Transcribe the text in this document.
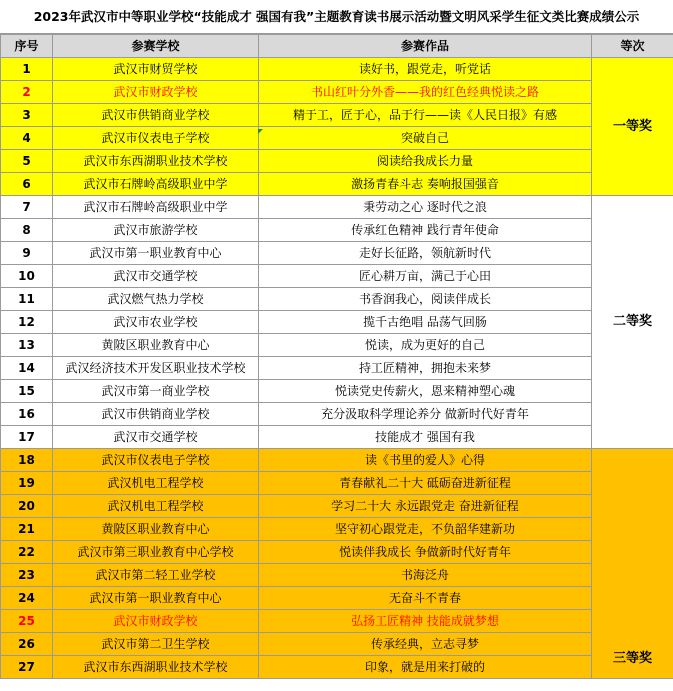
2023年武汉市中等职业学校“技能成才 强国有我”主题教育读书展示活动暨文明风采学生征文类比赛成绩公示
序号	参赛学校	参赛作品	等次
1	武汉市财贸学校	读好书，跟党走，听党话	一等奖
2	武汉市财政学校	书山红叶分外香——我的红色经典悦读之路	
3	武汉市供销商业学校	精于工，匠于心，品于行——读《人民日报》有感	
4	武汉市仪表电子学校	突破自己	
5	武汉市东西湖职业技术学校	阅读给我成长力量	
6	武汉市石牌岭高级职业中学	激扬青春斗志 奏响报国强音	
7	武汉市石牌岭高级职业中学	秉劳动之心 逐时代之浪	二等奖
8	武汉市旅游学校	传承红色精神 践行青年使命	
9	武汉市第一职业教育中心	走好长征路，领航新时代	
10	武汉市交通学校	匠心耕万亩，满己于心田	
11	武汉燃气热力学校	书香润我心，阅读伴成长	
12	武汉市农业学校	揽千古绝唱 品荡气回肠	
13	黄陂区职业教育中心	悦读，成为更好的自己	
14	武汉经济技术开发区职业技术学校	持工匠精神，拥抱未来梦	
15	武汉市第一商业学校	悦读党史传薪火，恩来精神塑心魂	
16	武汉市供销商业学校	充分汲取科学理论养分 做新时代好青年	
17	武汉市交通学校	技能成才 强国有我	
18	武汉市仪表电子学校	读《书里的爱人》心得	三等奖
19	武汉机电工程学校	青春献礼二十大 砥砺奋进新征程	
20	武汉机电工程学校	学习二十大 永远跟党走 奋进新征程	
21	黄陂区职业教育中心	坚守初心跟党走，不负韶华建新功	
22	武汉市第三职业教育中心学校	悦读伴我成长 争做新时代好青年	
23	武汉市第二轻工业学校	书海泛舟	
24	武汉市第一职业教育中心	无奋斗不青春	
25	武汉市财政学校	弘扬工匠精神 技能成就梦想	
26	武汉市第二卫生学校	传承经典，立志寻梦	
27	武汉市东西湖职业技术学校	印象，就是用来打破的	
